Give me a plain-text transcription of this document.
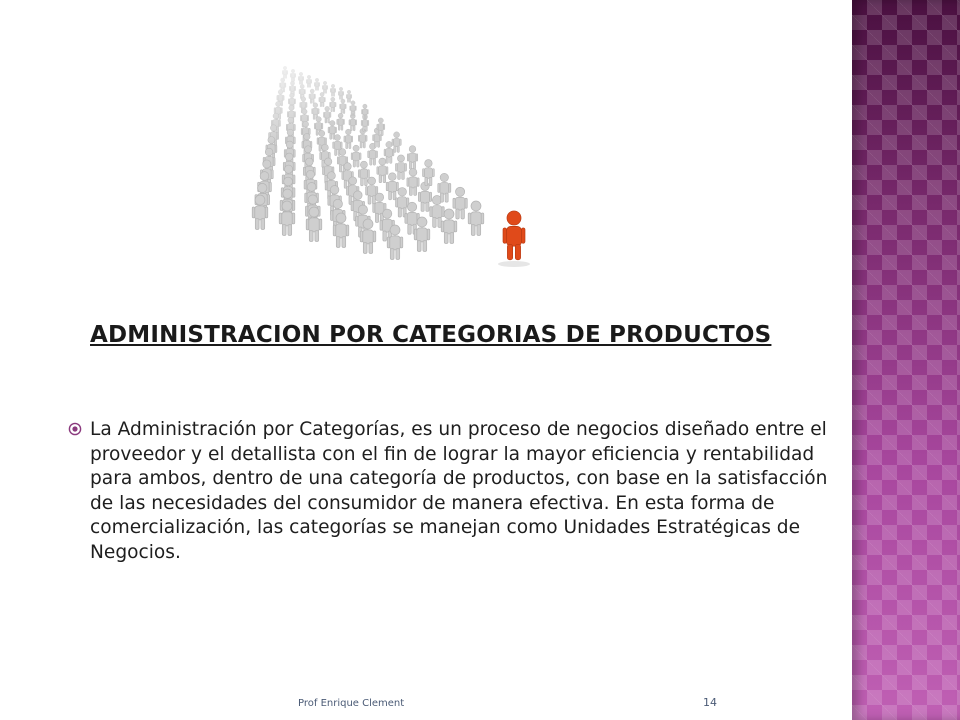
ADMINISTRACION POR CATEGORIAS DE PRODUCTOS
La Administración por Categorías, es un proceso de negocios diseñado entre el proveedor y el detallista con el fin de lograr la mayor eficiencia y rentabilidad para ambos, dentro de una categoría de productos, con base en la satisfacción de las necesidades del consumidor de manera efectiva. En esta forma de comercialización, las categorías se manejan como Unidades Estratégicas de Negocios.
Prof Enrique Clement	14
